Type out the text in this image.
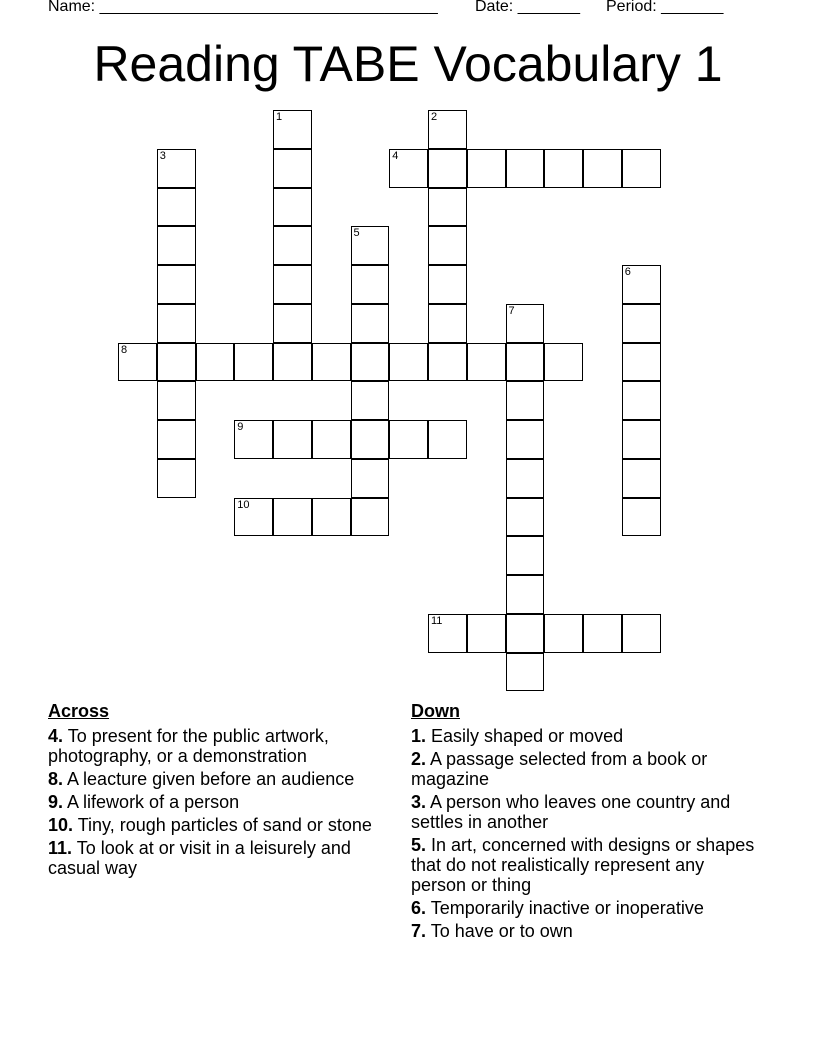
Name: ______________________________________

Date: _______

Period: _______

Reading TABE Vocabulary 1
1	2
3	4
5
6
7
8
9
10
11
Across
4. To present for the public artwork, photography, or a demonstration
8. A leacture given before an audience
9. A lifework of a person
10. Tiny, rough particles of sand or stone
11. To look at or visit in a leisurely and casual way
Down
1. Easily shaped or moved
2. A passage selected from a book or magazine
3. A person who leaves one country and settles in another
5. In art, concerned with designs or shapes that do not realistically represent any person or thing
6. Temporarily inactive or inoperative
7. To have or to own
